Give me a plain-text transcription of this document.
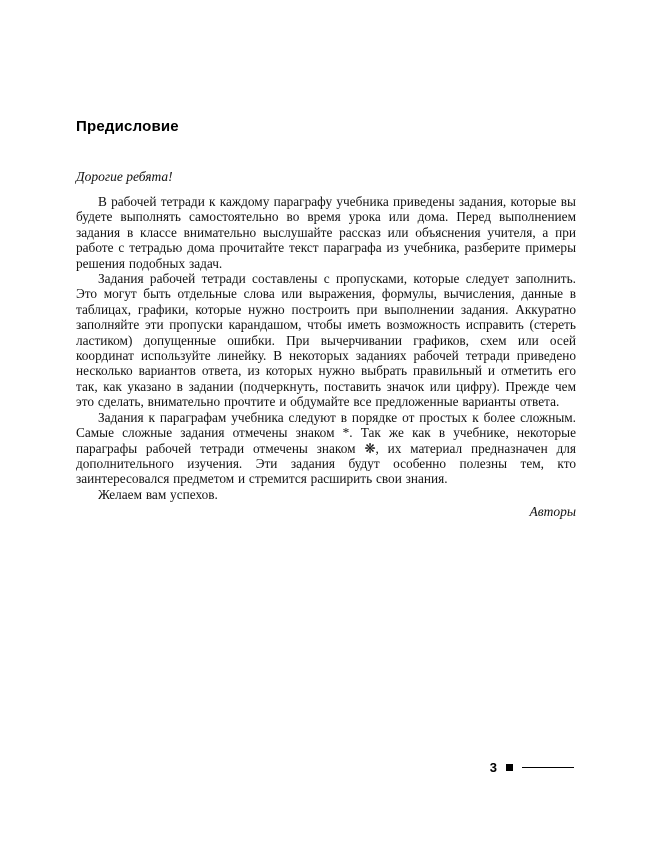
Предисловие

Дорогие ребята!

В рабочей тетради к каждому параграфу учебника приведены задания, которые вы будете выполнять самостоятельно во время урока или дома. Перед выполнением задания в классе внимательно выслушайте рассказ или объяснения учителя, а при работе с тетрадью дома прочитайте текст параграфа из учебника, разберите примеры решения подобных задач.

Задания рабочей тетради составлены с пропусками, которые следует заполнить. Это могут быть отдельные слова или выражения, формулы, вычисления, данные в таблицах, графики, которые нужно построить при выполнении задания. Аккуратно заполняйте эти пропуски карандашом, чтобы иметь возможность исправить (стереть ластиком) допущенные ошибки. При вычерчивании графиков, схем или осей координат используйте линейку. В некоторых заданиях рабочей тетради приведено несколько вариантов ответа, из которых нужно выбрать правильный и отметить его так, как указано в задании (подчеркнуть, поставить значок или цифру). Прежде чем это сделать, внимательно прочтите и обдумайте все предложенные варианты ответа.

Задания к параграфам учебника следуют в порядке от простых к более сложным. Самые сложные задания отмечены знаком *. Так же как в учебнике, некоторые параграфы рабочей тетради отмечены знаком ❋, их материал предназначен для дополнительного изучения. Эти задания будут особенно полезны тем, кто заинтересовался предметом и стремится расширить свои знания.

Желаем вам успехов.

Авторы
3
